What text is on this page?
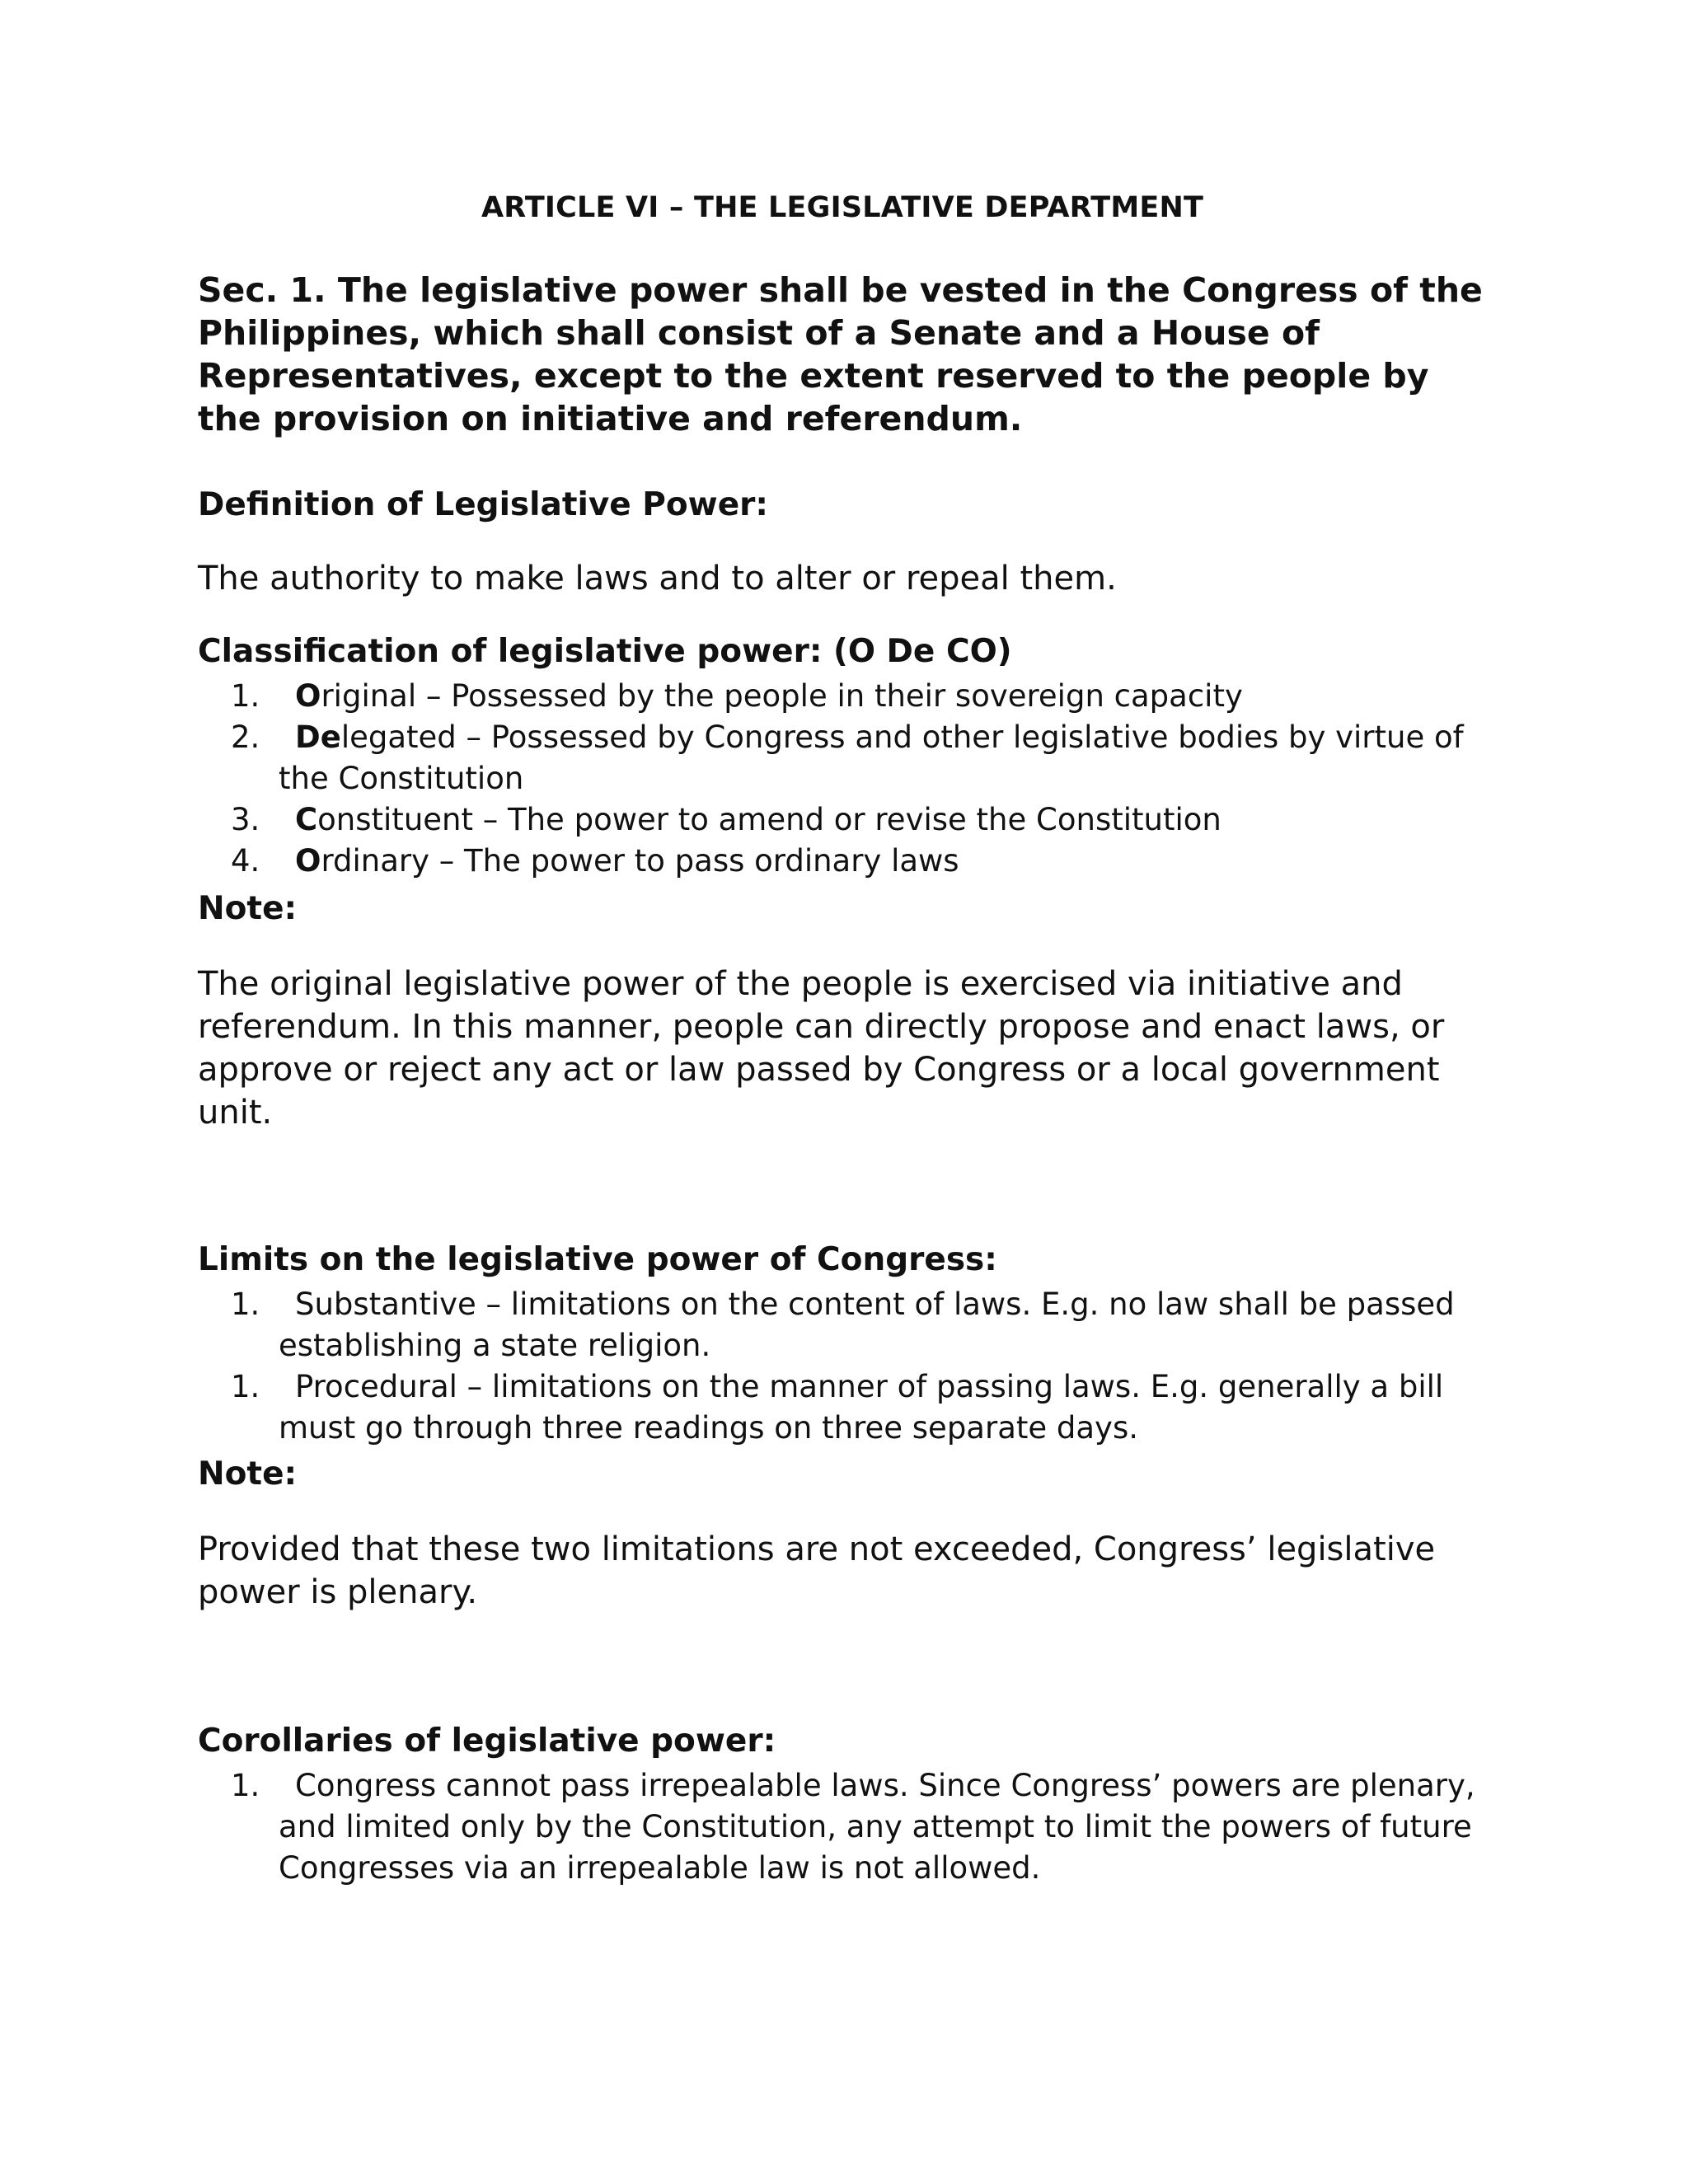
ARTICLE VI – THE LEGISLATIVE DEPARTMENT
Sec. 1. The legislative power shall be vested in the Congress of the Philippines, which shall consist of a Senate and a House of Representatives, except to the extent reserved to the people by the provision on initiative and referendum.
Definition of Legislative Power:
The authority to make laws and to alter or repeal them.
Classification of legislative power: (O De CO)
1. Original – Possessed by the people in their sovereign capacity
2. Delegated – Possessed by Congress and other legislative bodies by virtue of the Constitution
3. Constituent – The power to amend or revise the Constitution
4. Ordinary – The power to pass ordinary laws
Note:
The original legislative power of the people is exercised via initiative and referendum. In this manner, people can directly propose and enact laws, or approve or reject any act or law passed by Congress or a local government unit.
Limits on the legislative power of Congress:
1. Substantive – limitations on the content of laws. E.g. no law shall be passed establishing a state religion.
1. Procedural – limitations on the manner of passing laws. E.g. generally a bill must go through three readings on three separate days.
Note:
Provided that these two limitations are not exceeded, Congress’ legislative power is plenary.
Corollaries of legislative power:
1. Congress cannot pass irrepealable laws. Since Congress’ powers are plenary, and limited only by the Constitution, any attempt to limit the powers of future Congresses via an irrepealable law is not allowed.
